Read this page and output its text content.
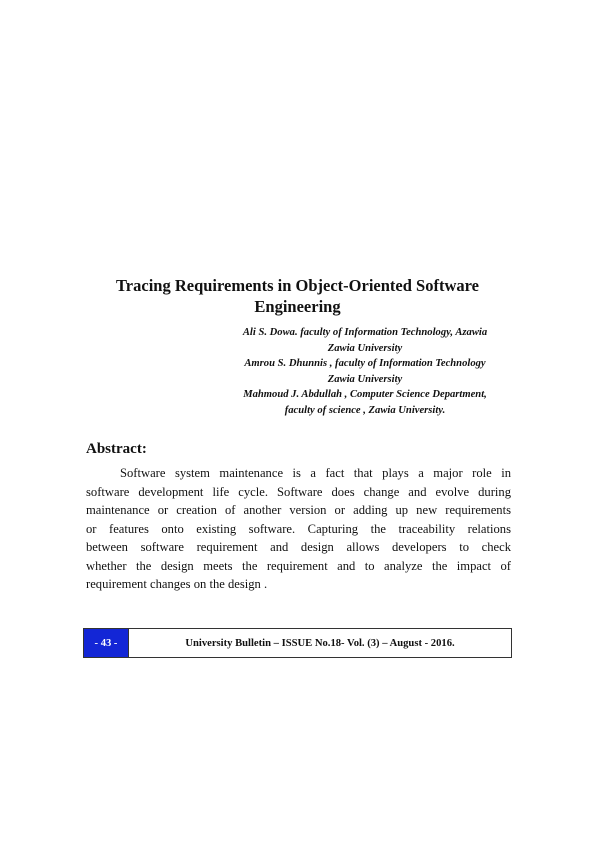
Tracing Requirements in Object-Oriented Software
Engineering
Ali S. Dowa. faculty of Information Technology, Azawia
Zawia University
Amrou S. Dhunnis , faculty of Information Technology
Zawia University
Mahmoud J. Abdullah , Computer Science Department,
faculty of science , Zawia University.
Abstract:
Software system maintenance is a fact that plays a major role in
software development life cycle. Software does change and evolve during
maintenance or creation of another version or adding up new requirements
or features onto existing software. Capturing the traceability relations
between software requirement and design allows developers to check
whether the design meets the requirement and to analyze the impact of
requirement changes on the design .
- 43 -	University Bulletin – ISSUE No.18- Vol. (3) – August - 2016.
